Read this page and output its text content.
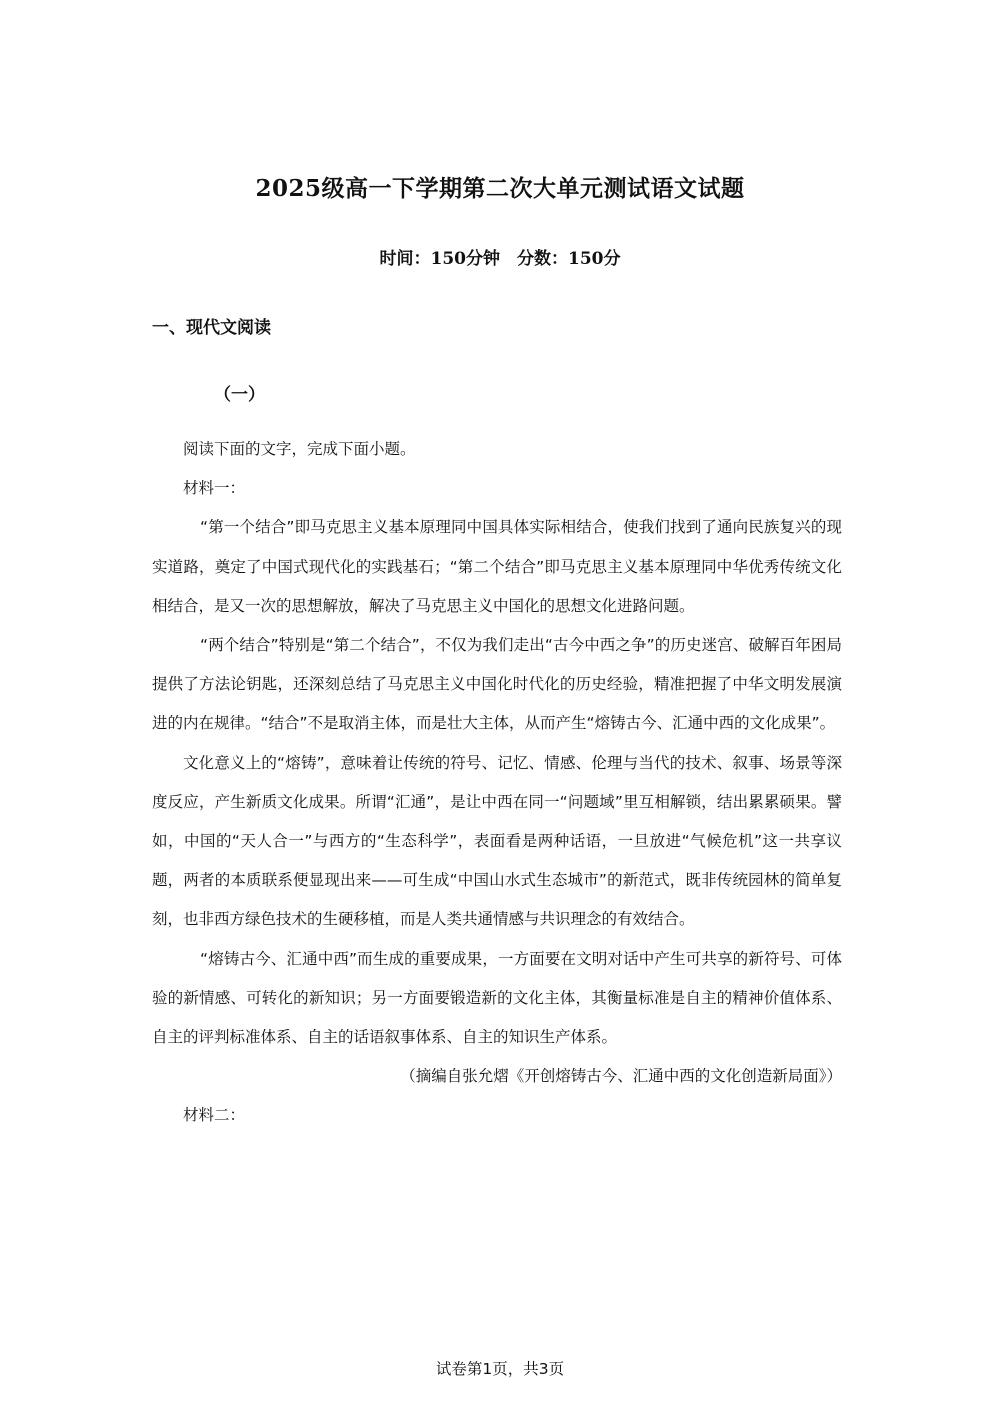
2025级高一下学期第二次大单元测试语文试题
时间：150分钟　分数：150分
一、现代文阅读
（一）

阅读下面的文字，完成下面小题。

材料一：

“第一个结合”即马克思主义基本原理同中国具体实际相结合，使我们找到了通向民族复兴的现实道路，奠定了中国式现代化的实践基石；“第二个结合”即马克思主义基本原理同中华优秀传统文化相结合，是又一次的思想解放，解决了马克思主义中国化的思想文化进路问题。

“两个结合”特别是“第二个结合”，不仅为我们走出“古今中西之争”的历史迷宫、破解百年困局提供了方法论钥匙，还深刻总结了马克思主义中国化时代化的历史经验，精准把握了中华文明发展演进的内在规律。“结合”不是取消主体，而是壮大主体，从而产生“熔铸古今、汇通中西的文化成果”。

文化意义上的“熔铸”，意味着让传统的符号、记忆、情感、伦理与当代的技术、叙事、场景等深度反应，产生新质文化成果。所谓“汇通”，是让中西在同一“问题域”里互相解锁，结出累累硕果。譬如，中国的“天人合一”与西方的“生态科学”，表面看是两种话语，一旦放进“气候危机”这一共享议题，两者的本质联系便显现出来——可生成“中国山水式生态城市”的新范式，既非传统园林的简单复刻，也非西方绿色技术的生硬移植，而是人类共通情感与共识理念的有效结合。

“熔铸古今、汇通中西”而生成的重要成果，一方面要在文明对话中产生可共享的新符号、可体验的新情感、可转化的新知识；另一方面要锻造新的文化主体，其衡量标准是自主的精神价值体系、自主的评判标准体系、自主的话语叙事体系、自主的知识生产体系。

（摘编自张允熠《开创熔铸古今、汇通中西的文化创造新局面》）

材料二：

试卷第1页，共3页
